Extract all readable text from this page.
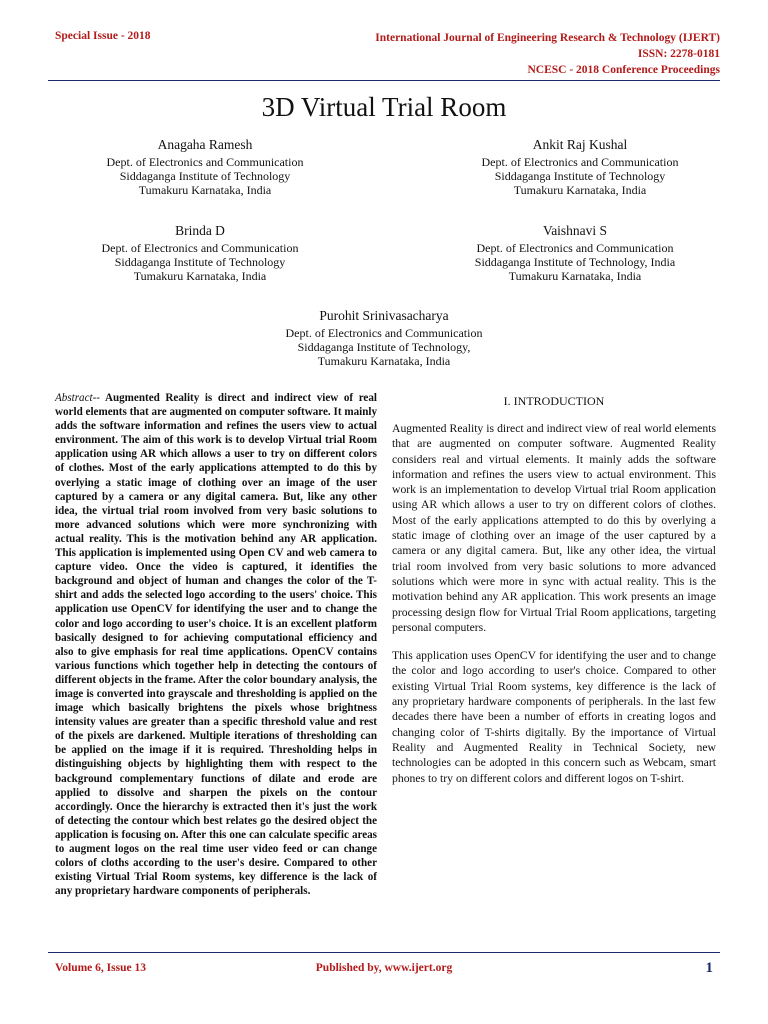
Special Issue - 2018	International Journal of Engineering Research & Technology (IJERT)
ISSN: 2278-0181
NCESC - 2018 Conference Proceedings
3D Virtual Trial Room
Anagaha Ramesh
Dept. of Electronics and Communication
Siddaganga Institute of Technology
Tumakuru Karnataka, India
Ankit Raj Kushal
Dept. of Electronics and Communication
Siddaganga Institute of Technology
Tumakuru Karnataka, India
Brinda D
Dept. of Electronics and Communication
Siddaganga Institute of Technology
Tumakuru Karnataka, India
Vaishnavi S
Dept. of Electronics and Communication
Siddaganga Institute of Technology, India
Tumakuru Karnataka, India
Purohit Srinivasacharya
Dept. of Electronics and Communication
Siddaganga Institute of Technology,
Tumakuru Karnataka, India
Abstract-- Augmented Reality is direct and indirect view of real world elements that are augmented on computer software. It mainly adds the software information and refines the users view to actual environment. The aim of this work is to develop Virtual trial Room application using AR which allows a user to try on different colors of clothes. Most of the early applications attempted to do this by overlying a static image of clothing over an image of the user captured by a camera or any digital camera. But, like any other idea, the virtual trial room involved from very basic solutions to more advanced solutions which were more synchronizing with actual reality. This is the motivation behind any AR application. This application is implemented using Open CV and web camera to capture video. Once the video is captured, it identifies the background and object of human and changes the color of the T-shirt and adds the selected logo according to the users' choice. This application use OpenCV for identifying the user and to change the color and logo according to user's choice. It is an excellent platform basically designed to for achieving computational efficiency and also to give emphasis for real time applications. OpenCV contains various functions which together help in detecting the contours of different objects in the frame. After the color boundary analysis, the image is converted into grayscale and thresholding is applied on the image which basically brightens the pixels whose brightness intensity values are greater than a specific threshold value and rest of the pixels are darkened. Multiple iterations of thresholding can be applied on the image if it is required. Thresholding helps in distinguishing objects by highlighting them with respect to the background complementary functions of dilate and erode are applied to dissolve and sharpen the pixels on the contour accordingly. Once the hierarchy is extracted then it's just the work of detecting the contour which best relates go the desired object the application is focusing on. After this one can calculate specific areas to augment logos on the real time user video feed or can change colors of cloths according to the user's desire. Compared to other existing Virtual Trial Room systems, key difference is the lack of any proprietary hardware components of peripherals.
I. INTRODUCTION

Augmented Reality is direct and indirect view of real world elements that are augmented on computer software. Augmented Reality considers real and virtual elements. It mainly adds the software information and refines the users view to actual environment. This work is an implementation to develop Virtual trial Room application using AR which allows a user to try on different colors of clothes. Most of the early applications attempted to do this by overlying a static image of clothing over an image of the user captured by a camera or any digital camera. But, like any other idea, the virtual trial room involved from very basic solutions to more advanced solutions which were more in sync with actual reality. This is the motivation behind any AR application. This work presents an image processing design flow for Virtual Trial Room applications, targeting personal computers.

This application uses OpenCV for identifying the user and to change the color and logo according to user's choice. Compared to other existing Virtual Trial Room systems, key difference is the lack of any proprietary hardware components of peripherals. In the last few decades there have been a number of efforts in creating logos and changing color of T-shirts digitally. By the importance of Virtual Reality and Augmented Reality in Technical Society, new technologies can be adopted in this concern such as Webcam, smart phones to try on different colors and different logos on T-shirt.

Volume 6, Issue 13	Published by, www.ijert.org	1
